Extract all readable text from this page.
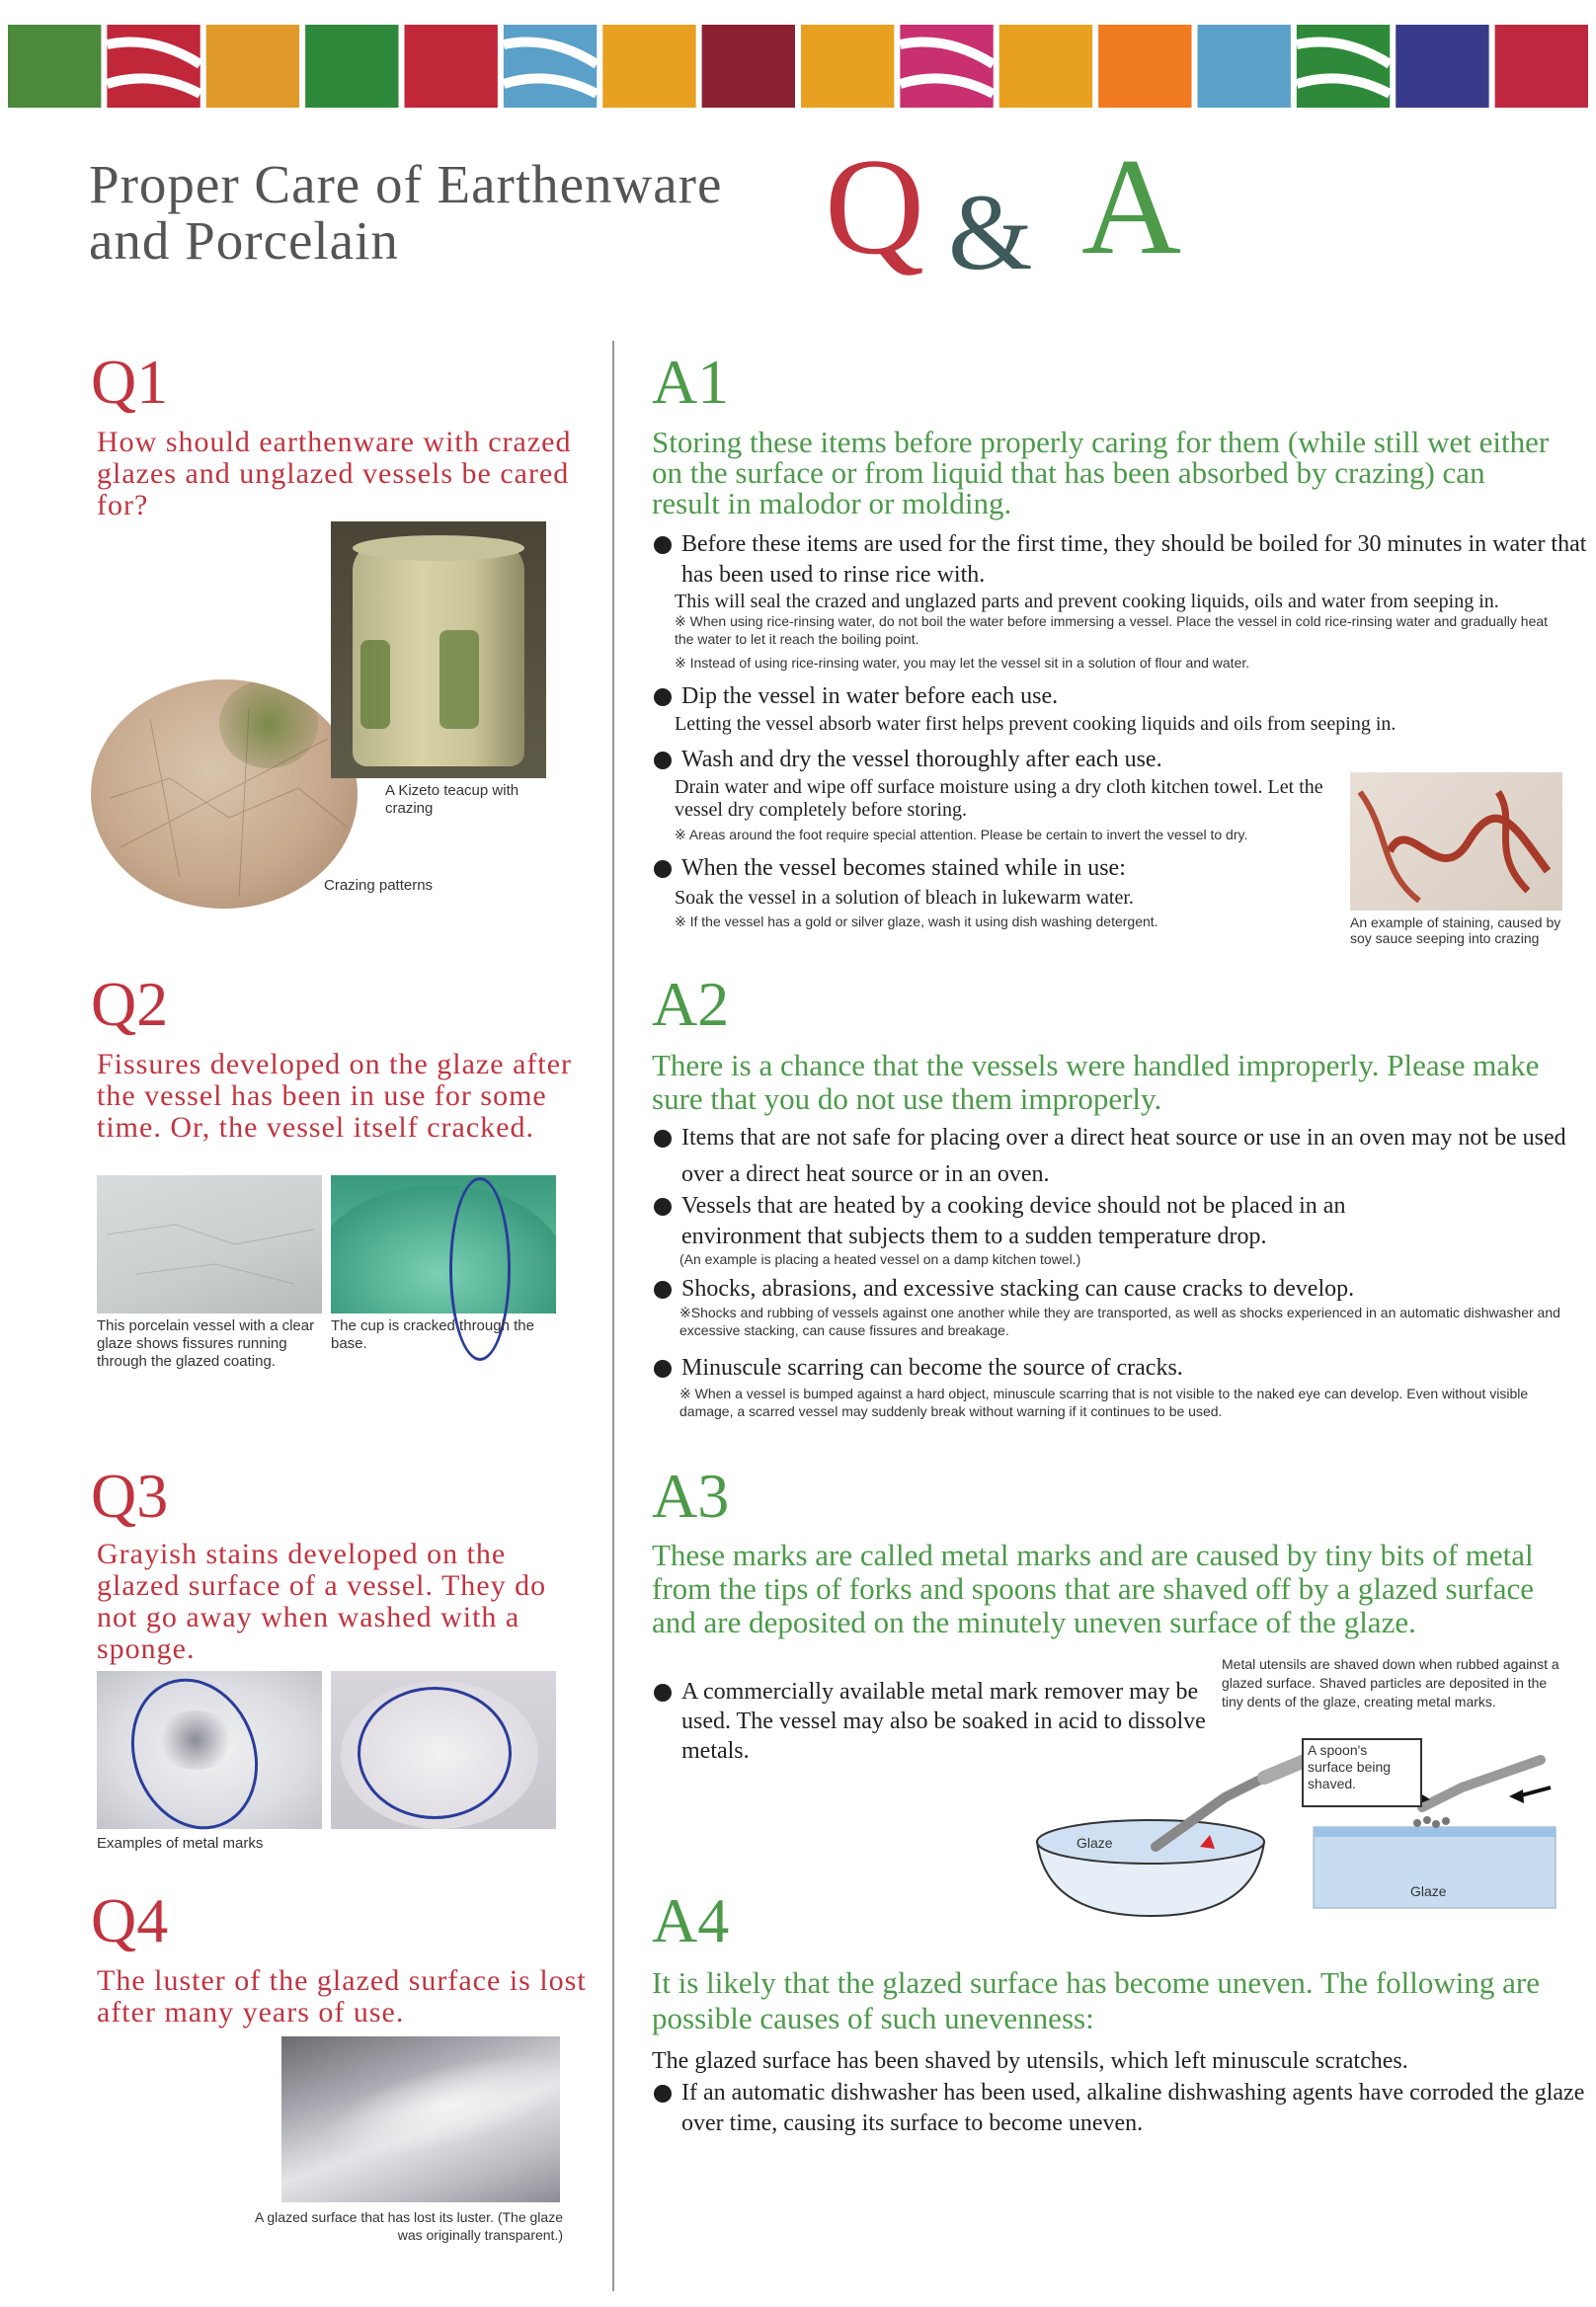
Proper Care of Earthenware
and Porcelain	Q & A
Q1
How should earthenware with crazed glazes and unglazed vessels be cared for?
A Kizeto teacup with crazing
Crazing patterns
A1
Storing these items before properly caring for them (while still wet either on the surface or from liquid that has been absorbed by crazing) can result in malodor or molding.
Before these items are used for the first time, they should be boiled for 30 minutes in water that has been used to rinse rice with.
This will seal the crazed and unglazed parts and prevent cooking liquids, oils and water from seeping in.
※ When using rice-rinsing water, do not boil the water before immersing a vessel. Place the vessel in cold rice-rinsing water and gradually heat the water to let it reach the boiling point.
※ Instead of using rice-rinsing water, you may let the vessel sit in a solution of flour and water.
Dip the vessel in water before each use.
Letting the vessel absorb water first helps prevent cooking liquids and oils from seeping in.
Wash and dry the vessel thoroughly after each use.
Drain water and wipe off surface moisture using a dry cloth kitchen towel. Let the vessel dry completely before storing.
※ Areas around the foot require special attention. Please be certain to invert the vessel to dry.
When the vessel becomes stained while in use:
Soak the vessel in a solution of bleach in lukewarm water.
※ If the vessel has a gold or silver glaze, wash it using dish washing detergent.	An example of staining, caused by soy sauce seeping into crazing
Q2
Fissures developed on the glaze after the vessel has been in use for some time. Or, the vessel itself cracked.
This porcelain vessel with a clear glaze shows fissures running through the glazed coating.
The cup is cracked through the base.
A2
There is a chance that the vessels were handled improperly. Please make sure that you do not use them improperly.
Items that are not safe for placing over a direct heat source or use in an oven may not be used over a direct heat source or in an oven.
Vessels that are heated by a cooking device should not be placed in an environment that subjects them to a sudden temperature drop.
(An example is placing a heated vessel on a damp kitchen towel.)
Shocks, abrasions, and excessive stacking can cause cracks to develop.
※Shocks and rubbing of vessels against one another while they are transported, as well as shocks experienced in an automatic dishwasher and excessive stacking, can cause fissures and breakage.
Minuscule scarring can become the source of cracks.
※ When a vessel is bumped against a hard object, minuscule scarring that is not visible to the naked eye can develop. Even without visible damage, a scarred vessel may suddenly break without warning if it continues to be used.
Q3
Grayish stains developed on the glazed surface of a vessel. They do not go away when washed with a sponge.
Examples of metal marks
A3
These marks are called metal marks and are caused by tiny bits of metal from the tips of forks and spoons that are shaved off by a glazed surface and are deposited on the minutely uneven surface of the glaze.
A commercially available metal mark remover may be used. The vessel may also be soaked in acid to dissolve metals.
Metal utensils are shaved down when rubbed against a glazed surface. Shaved particles are deposited in the tiny dents of the glaze, creating metal marks.
A spoon's surface being shaved.
Glaze
Glaze
Q4
The luster of the glazed surface is lost after many years of use.
A glazed surface that has lost its luster. (The glaze was originally transparent.)
A4
It is likely that the glazed surface has become uneven. The following are possible causes of such unevenness:
The glazed surface has been shaved by utensils, which left minuscule scratches.
If an automatic dishwasher has been used, alkaline dishwashing agents have corroded the glaze over time, causing its surface to become uneven.
